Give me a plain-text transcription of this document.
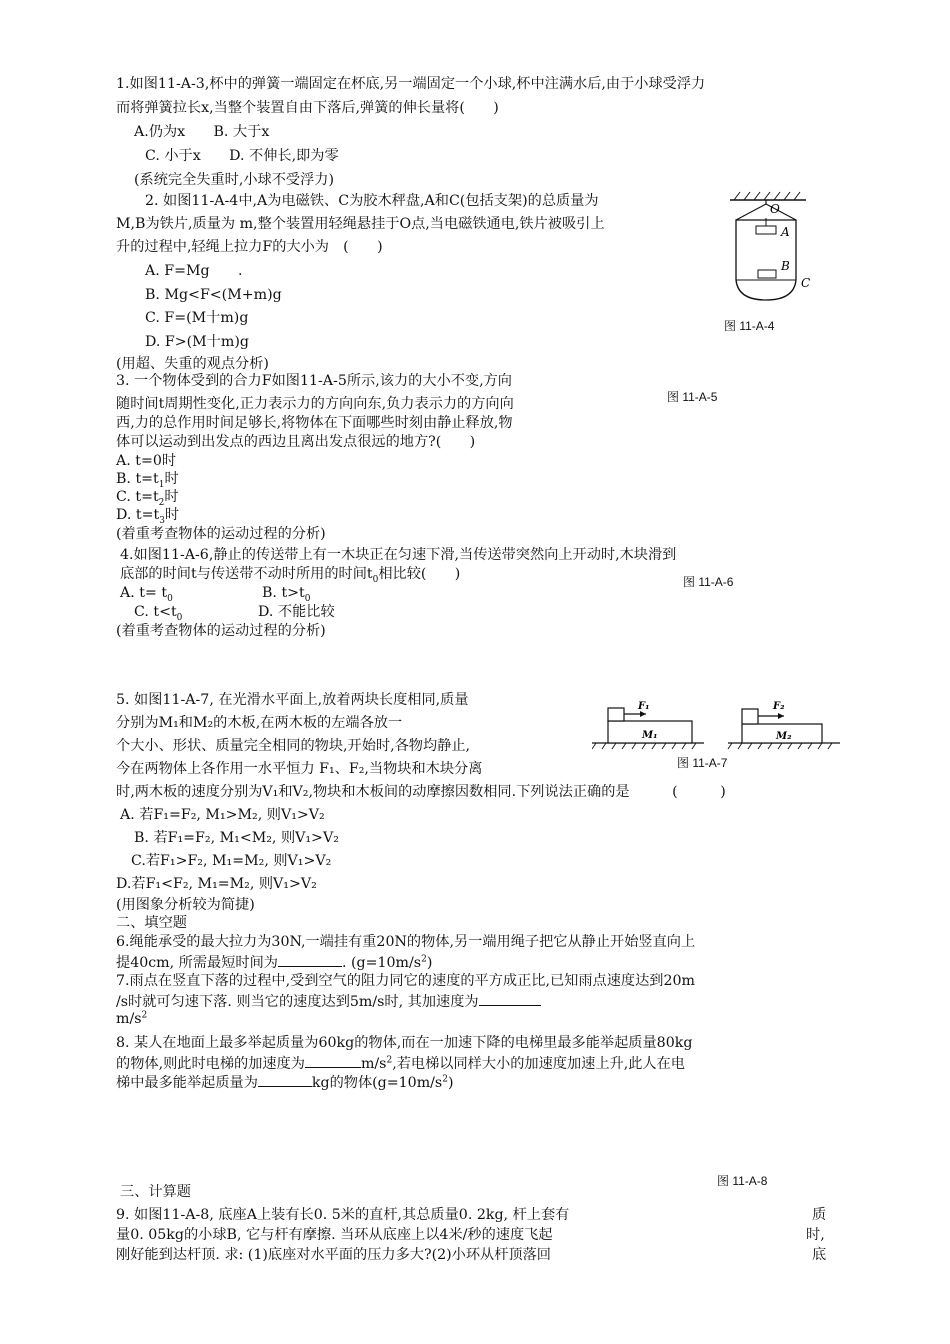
1.如图11-A-3,杯中的弹簧一端固定在杯底,另一端固定一个小球,杯中注满水后,由于小球受浮力
而将弹簧拉长x,当整个装置自由下落后,弹簧的伸长量将(　　)
A.仍为x　　B. 大于x
C. 小于x　　D. 不伸长,即为零
(系统完全失重时,小球不受浮力)
2. 如图11-A-4中,A为电磁铁、C为胶木秤盘,A和C(包括支架)的总质量为
M,B为铁片,质量为 m,整个装置用轻绳悬挂于O点,当电磁铁通电,铁片被吸引上
升的过程中,轻绳上拉力F的大小为　(　　)
A. F=Mg　　.
B. Mg<F<(M+m)g
C. F=(M十m)g
D. F>(M十m)g
(用超、失重的观点分析)
O
A
B
C
图 11-A-4
3. 一个物体受到的合力F如图11-A-5所示,该力的大小不变,方向
图 11-A-5
随时间t周期性变化,正力表示力的方向向东,负力表示力的方向向
西,力的总作用时间足够长,将物体在下面哪些时刻由静止释放,物
体可以运动到出发点的西边且离出发点很远的地方?(　　)
A. t=0时
B. $t=t_1$时
C. $t=t_2$时
D. $t=t_3$时
(着重考查物体的运动过程的分析)
4.如图11-A-6,静止的传送带上有一木块正在匀速下滑,当传送带突然向上开动时,木块滑到
底部的时间t与传送带不动时所用的时间$t_0$相比较(　　)	图 11-A-6
A. $t= t_0$	B. $t>t_0$
C. $t<t_0$	D. 不能比较
(着重考查物体的运动过程的分析)
5. 如图11-A-7, 在光滑水平面上,放着两块长度相同,质量
分别为M₁和M₂的木板,在两木板的左端各放一
个大小、形状、质量完全相同的物块,开始时,各物均静止,
今在两物体上各作用一水平恒力 F₁、F₂,当物块和木块分离
时,两木板的速度分别为V₁和V₂,物块和木板间的动摩擦因数相同.下列说法正确的是　　　(　　　)
A. 若F₁=F₂, M₁>M₂, 则V₁>V₂
B. 若F₁=F₂, M₁<M₂, 则V₁>V₂
C.若F₁>F₂, M₁=M₂, 则V₁>V₂
D.若F₁<F₂, M₁=M₂, 则V₁>V₂
(用图象分析较为简捷)
F₁
M₁
F₂
M₂
图 11-A-7
二、填空题
6.绳能承受的最大拉力为30N,一端挂有重20N的物体,另一端用绳子把它从静止开始竖直向上
提40cm, 所需最短时间为	. $(g=10m/s^2)$
7.雨点在竖直下落的过程中,受到空气的阻力同它的速度的平方成正比,已知雨点速度达到20m
/s时就可匀速下落. 则当它的速度达到5m/s时, 其加速度为
$m/s^2$
8. 某人在地面上最多举起质量为60kg的物体,而在一加速下降的电梯里最多能举起质量80kg
的物体,则此时电梯的加速度为	$m/s^2$,若电梯以同样大小的加速度加速上升,此人在电
梯中最多能举起质量为	kg的物体$(g=10m/s^2)$
图 11-A-8
三、计算题
9. 如图11-A-8, 底座A上装有长0. 5米的直杆,其总质量0. 2kg, 杆上套有	质
量0. 05kg的小球B, 它与杆有摩擦. 当环从底座上以4米/秒的速度飞起	时,
刚好能到达杆顶. 求: (1)底座对水平面的压力多大?(2)小环从杆顶落回	底
